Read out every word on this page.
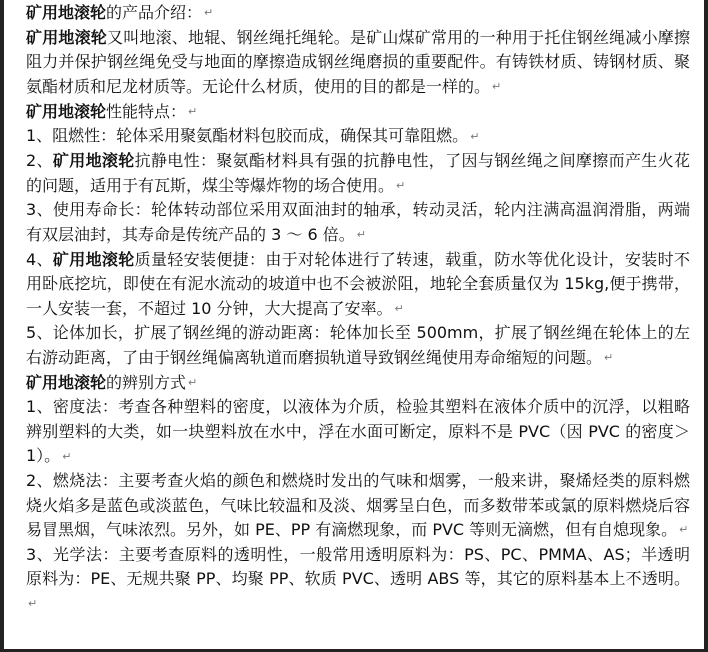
矿用地滚轮的产品介绍： ↵

矿用地滚轮又叫地滚、地辊、钢丝绳托绳轮。是矿山煤矿常用的一种用于托住钢丝绳减小摩擦阻力并保护钢丝绳免受与地面的摩擦造成钢丝绳磨损的重要配件。有铸铁材质、铸钢材质、聚氨酯材质和尼龙材质等。无论什么材质，使用的目的都是一样的。 ↵

矿用地滚轮性能特点： ↵

1、阻燃性：轮体采用聚氨酯材料包胶而成，确保其可靠阻燃。 ↵

2、矿用地滚轮抗静电性：聚氨酯材料具有强的抗静电性，了因与钢丝绳之间摩擦而产生火花的问题，适用于有瓦斯，煤尘等爆炸物的场合使用。 ↵

3、使用寿命长：轮体转动部位采用双面油封的轴承，转动灵活，轮内注满高温润滑脂，两端有双层油封，其寿命是传统产品的 3 ～ 6 倍。 ↵

4、矿用地滚轮质量轻安装便捷：由于对轮体进行了转速，载重，防水等优化设计，安装时不用卧底挖坑，即使在有泥水流动的坡道中也不会被淤阻，地轮全套质量仅为 15kg,便于携带，一人安装一套，不超过 10 分钟，大大提高了安率。 ↵

5、论体加长，扩展了钢丝绳的游动距离：轮体加长至 500mm，扩展了钢丝绳在轮体上的左右游动距离，了由于钢丝绳偏离轨道而磨损轨道导致钢丝绳使用寿命缩短的问题。 ↵

矿用地滚轮的辨别方式 ↵

1、密度法：考查各种塑料的密度，以液体为介质，检验其塑料在液体介质中的沉浮，以粗略辨别塑料的大类，如一块塑料放在水中，浮在水面可断定，原料不是 PVC（因 PVC 的密度＞1）。 ↵

2、燃烧法：主要考查火焰的颜色和燃烧时发出的气味和烟雾，一般来讲，聚烯烃类的原料燃烧火焰多是蓝色或淡蓝色，气味比较温和及淡、烟雾呈白色，而多数带苯或氯的原料燃烧后容易冒黑烟，气味浓烈。另外，如 PE、PP 有滴燃现象，而 PVC 等则无滴燃，但有自熄现象。 ↵

3、光学法：主要考查原料的透明性，一般常用透明原料为：PS、PC、PMMA、AS；半透明原料为：PE、无规共聚 PP、均聚 PP、软质 PVC、透明 ABS 等，其它的原料基本上不透明。↵
